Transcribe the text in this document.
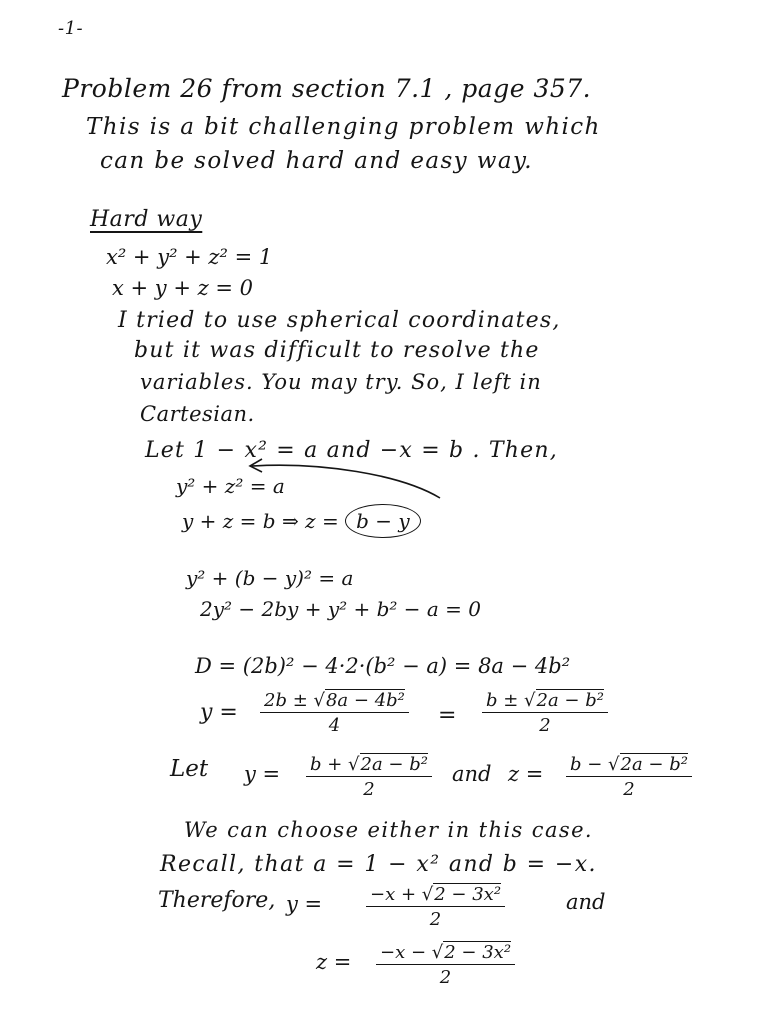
-1-
Problem 26 from section 7.1 , page 357.
This is a bit challenging problem which
can be solved hard and easy way.
Hard way
x² + y² + z² = 1
x + y + z = 0
I tried to use spherical coordinates,
but it was difficult to resolve the
variables. You may try. So, I left in
Cartesian.
Let 1 − x² = a and −x = b . Then,
y² + z² = a
y + z = b ⇒ z = b − y
y² + (b − y)² = a
2y² − 2by + y² + b² − a = 0
D = (2b)² − 4·2·(b² − a) = 8a − 4b²
$y = \frac{\text{2b ± √8a − 4b²}}{4} = \frac{\text{b ± √2a − b²}}{2}$
Let $y = \frac{\text{b + √2a − b²}}{2}$ and $z = \frac{\text{b − √2a − b²}}{2}$
We can choose either in this case.
Recall, that a = 1 − x² and b = −x.
Therefore, $y = \frac{\text{−x + √2 − 3x²}}{2}$	and
$z = \frac{\text{−x − √2 − 3x²}}{2}$
